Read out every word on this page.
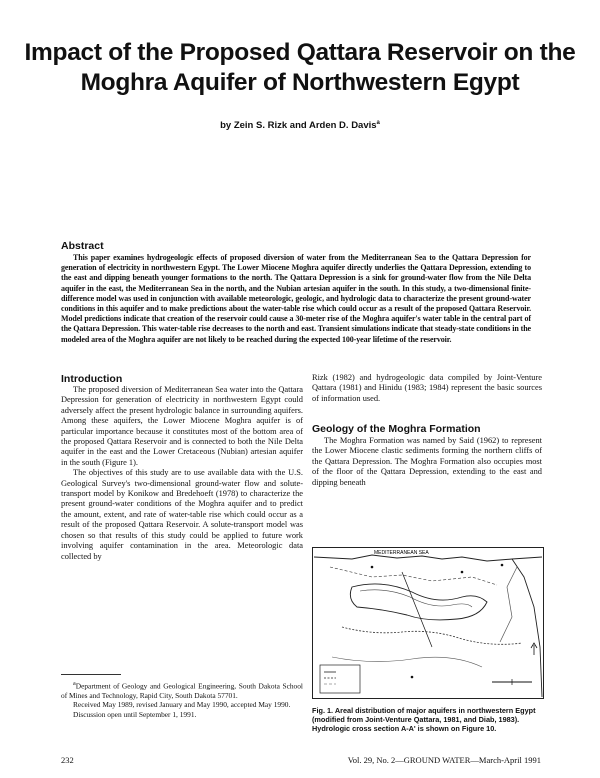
Impact of the Proposed Qattara Reservoir on the Moghra Aquifer of Northwestern Egypt
by Zein S. Rizk and Arden D. Davis$^a$
Abstract
This paper examines hydrogeologic effects of proposed diversion of water from the Mediterranean Sea to the Qattara Depression for generation of electricity in northwestern Egypt. The Lower Miocene Moghra aquifer directly underlies the Qattara Depression, extending to the east and dipping beneath younger formations to the north. The Qattara Depression is a sink for ground-water flow from the Nile Delta aquifer in the east, the Mediterranean Sea in the north, and the Nubian artesian aquifer in the south. In this study, a two-dimensional finite-difference model was used in conjunction with available meteorologic, geologic, and hydrologic data to characterize the present ground-water conditions in this aquifer and to make predictions about the water-table rise which could occur as a result of the proposed Qattara Reservoir. Model predictions indicate that creation of the reservoir could cause a 30-meter rise of the Moghra aquifer's water table in the central part of the Qattara Depression. This water-table rise decreases to the north and east. Transient simulations indicate that steady-state conditions in the modeled area of the Moghra aquifer are not likely to be reached during the expected 100-year lifetime of the reservoir.
Introduction

The proposed diversion of Mediterranean Sea water into the Qattara Depression for generation of electricity in northwestern Egypt could adversely affect the present hydrologic balance in surrounding aquifers. Among these aquifers, the Lower Miocene Moghra aquifer is of particular importance because it constitutes most of the bottom area of the proposed Qattara Reservoir and is connected to both the Nile Delta aquifer in the east and the Lower Cretaceous (Nubian) artesian aquifer in the south (Figure 1).

The objectives of this study are to use available data with the U.S. Geological Survey's two-dimensional ground-water flow and solute-transport model by Konikow and Bredehoeft (1978) to characterize the present ground-water conditions of the Moghra aquifer and to predict the amount, extent, and rate of water-table rise which could occur as a result of the proposed Qattara Reservoir. A solute-transport model was chosen so that results of this study could be applied to future work involving aquifer contamination in the area. Meteorologic data collected by

$^a$Department of Geology and Geological Engineering, South Dakota School of Mines and Technology, Rapid City, South Dakota 57701.

Received May 1989, revised January and May 1990, accepted May 1990.

Discussion open until September 1, 1991.

Rizk (1982) and hydrogeologic data compiled by Joint-Venture Qattara (1981) and Hinidu (1983; 1984) represent the basic sources of information used.

Geology of the Moghra Formation

The Moghra Formation was named by Said (1962) to represent the Lower Miocene clastic sediments forming the northern cliffs of the Qattara Depression. The Moghra Formation also occupies most of the floor of the Qattara Depression, extending to the east and dipping beneath

MEDITERRANEAN SEA
Fig. 1. Areal distribution of major aquifers in northwestern Egypt (modified from Joint-Venture Qattara, 1981, and Diab, 1983). Hydrologic cross section A-A' is shown on Figure 10.
232	Vol. 29, No. 2—GROUND WATER—March-April 1991
